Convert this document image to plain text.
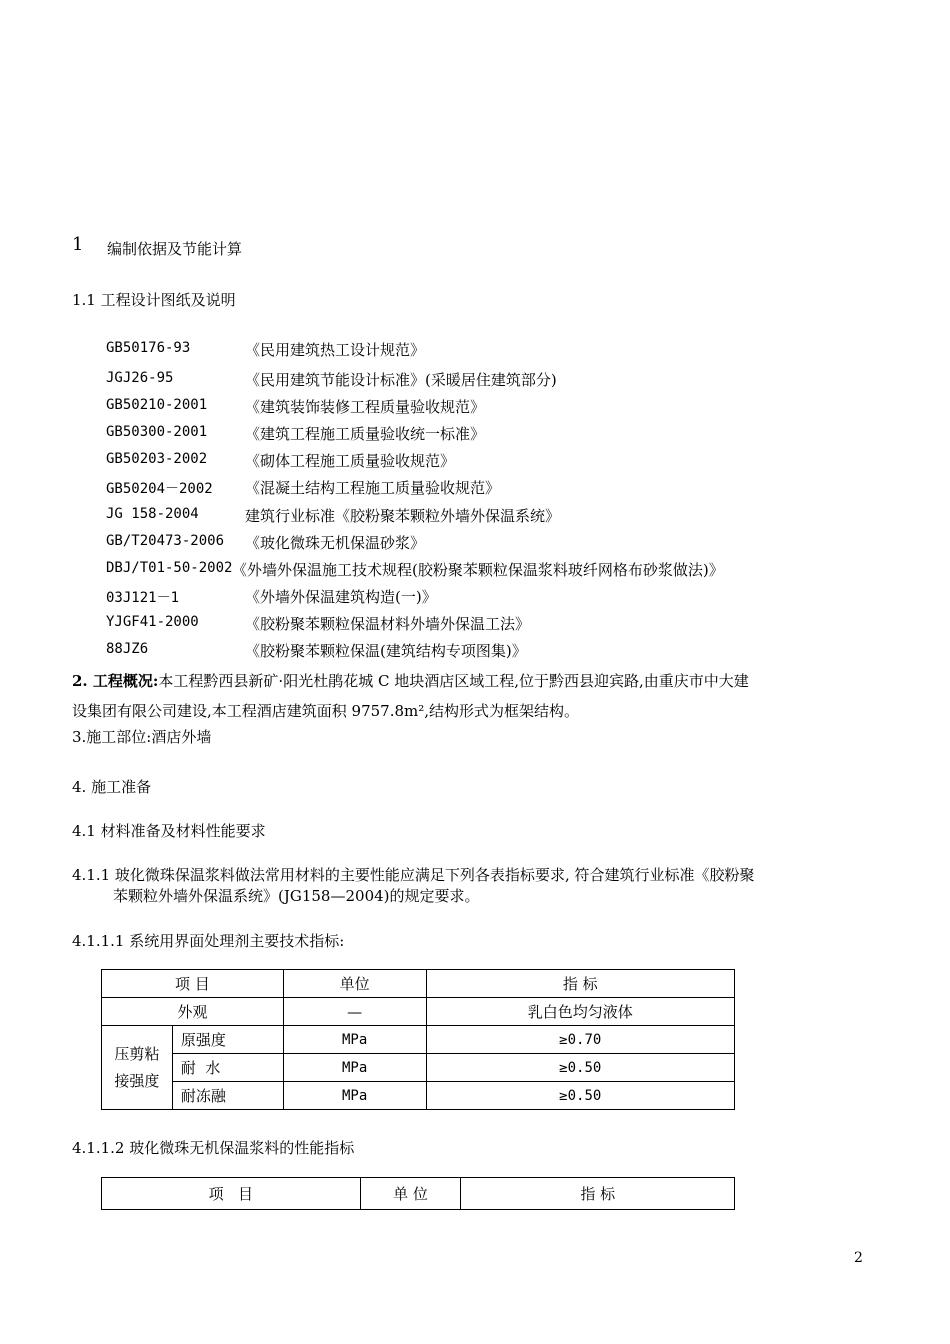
1 编制依据及节能计算
1.1 工程设计图纸及说明
GB50176-93	《民用建筑热工设计规范》
JGJ26-95	《民用建筑节能设计标准》(采暖居住建筑部分)
GB50210-2001	《建筑装饰装修工程质量验收规范》
GB50300-2001	《建筑工程施工质量验收统一标准》
GB50203-2002	《砌体工程施工质量验收规范》
GB50204－2002 《混凝土结构工程施工质量验收规范》
JG 158-2004	建筑行业标准《胶粉聚苯颗粒外墙外保温系统》
GB/T20473-2006 《玻化微珠无机保温砂浆》
DBJ/T01-50-2002 《外墙外保温施工技术规程(胶粉聚苯颗粒保温浆料玻纤网格布砂浆做法)》
03J121－1	《外墙外保温建筑构造(一)》
YJGF41-2000	《胶粉聚苯颗粒保温材料外墙外保温工法》
88JZ6	《胶粉聚苯颗粒保温(建筑结构专项图集)》
2. 工程概况:本工程黔西县新矿·阳光杜鹃花城 C 地块酒店区域工程,位于黔西县迎宾路,由重庆市中大建
设集团有限公司建设,本工程酒店建筑面积 9757.8m²,结构形式为框架结构。
3.施工部位:酒店外墙
4. 施工准备
4.1 材料准备及材料性能要求
4.1.1 玻化微珠保温浆料做法常用材料的主要性能应满足下列各表指标要求, 符合建筑行业标准《胶粉聚
苯颗粒外墙外保温系统》(JG158—2004)的规定要求。
4.1.1.1 系统用界面处理剂主要技术指标:
项 目		单位	指 标
外观		—	乳白色均匀液体

压剪粘
接强度	原强度	MPa	≥0.70
	耐  水	MPa	≥0.50
	耐冻融	MPa	≥0.50
4.1.1.2 玻化微珠无机保温浆料的性能指标
项   目	单 位	指 标
2
